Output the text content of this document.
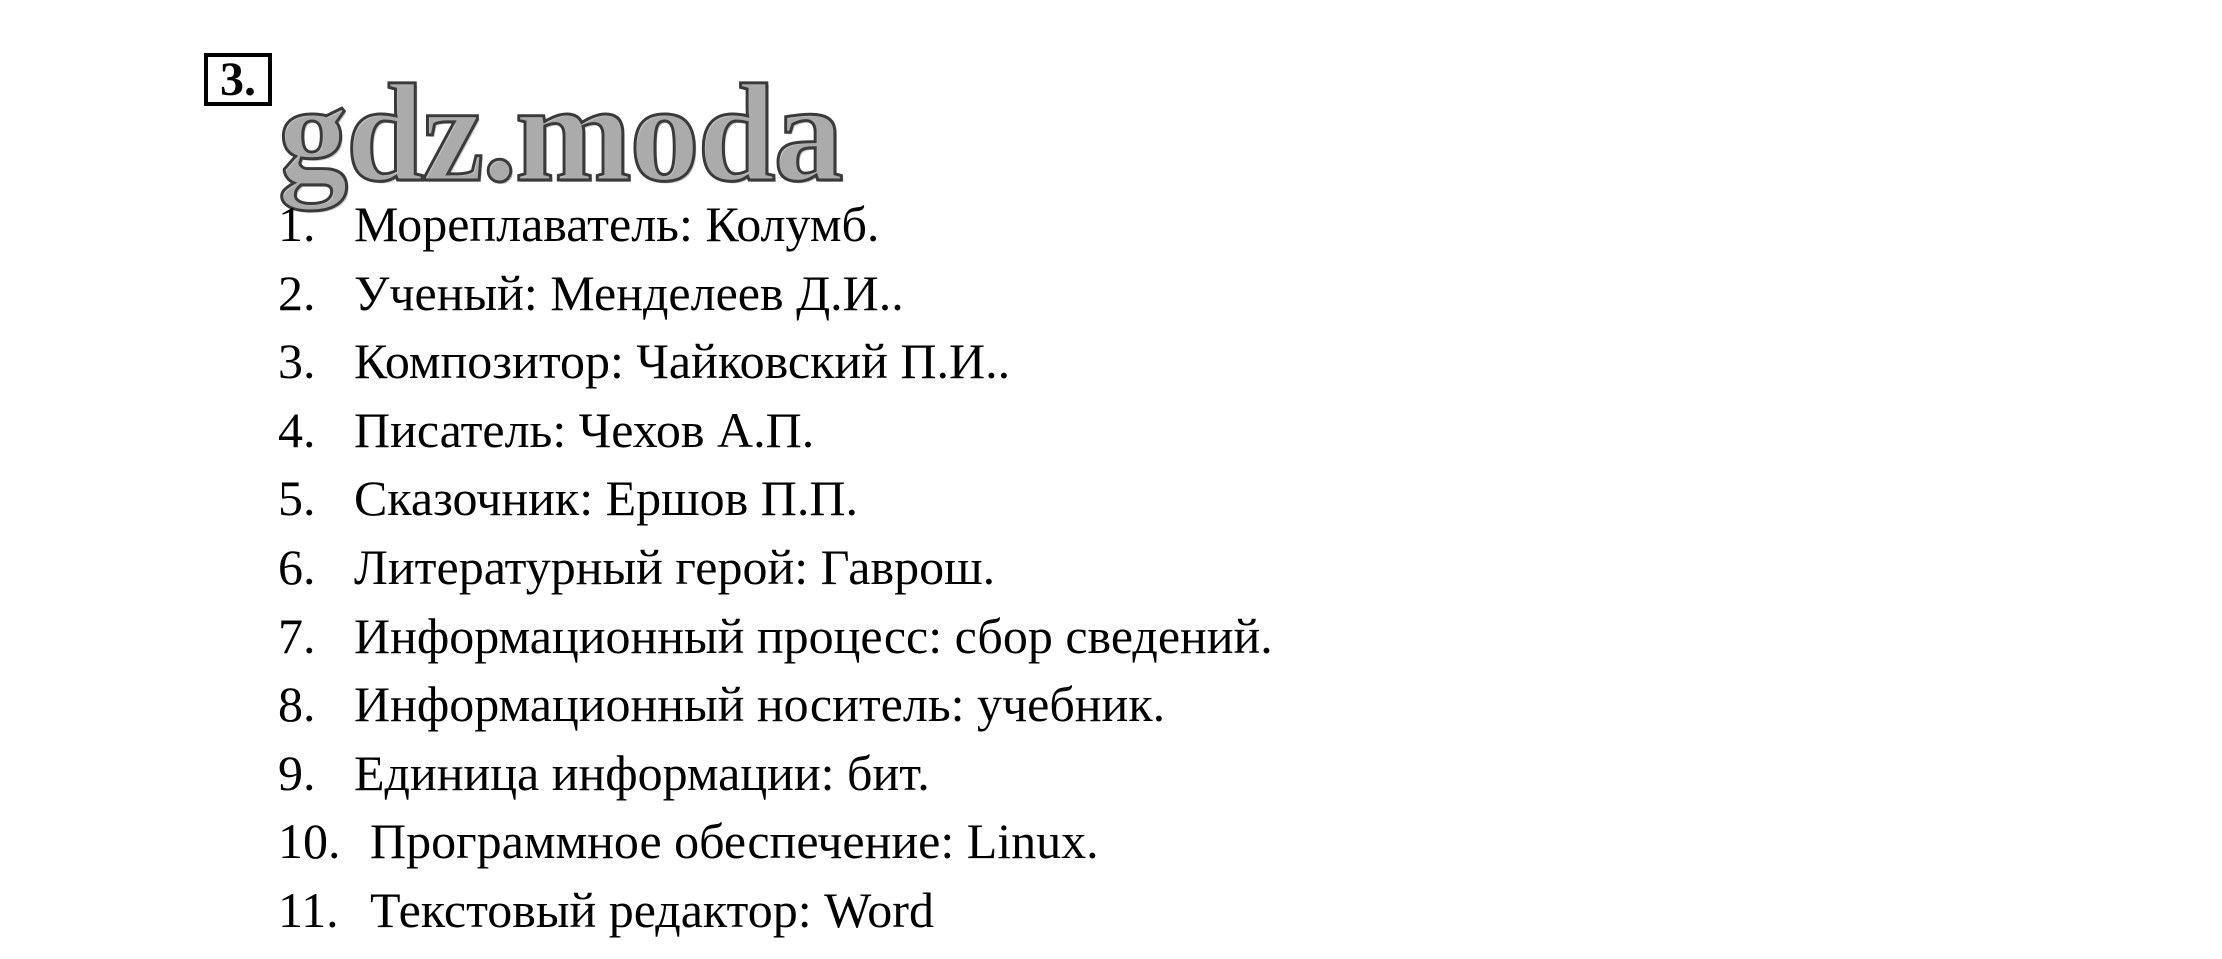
3. gdz.moda
1. Мореплаватель: Колумб.
2. Ученый: Менделеев Д.И..
3. Композитор: Чайковский П.И..
4. Писатель: Чехов А.П.
5. Сказочник: Ершов П.П.
6. Литературный герой: Гаврош.
7. Информационный процесс: сбор сведений.
8. Информационный носитель: учебник.
9. Единица информации: бит.
10. Программное обеспечение: Linux.
11. Текстовый редактор: Word
